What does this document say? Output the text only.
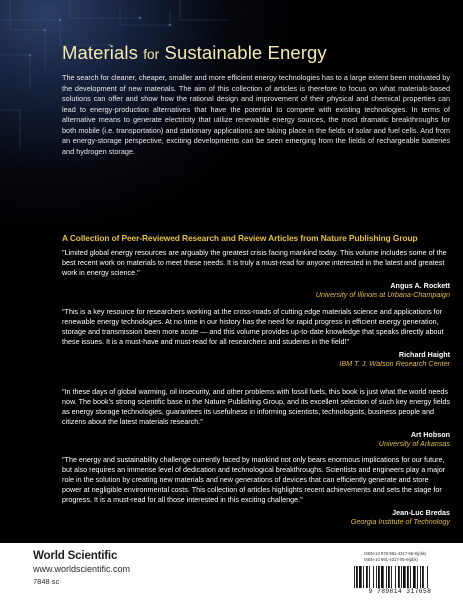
Materials for Sustainable Energy

The search for cleaner, cheaper, smaller and more efficient energy technologies has to a large extent been motivated by the development of new materials. The aim of this collection of articles is therefore to focus on what materials-based solutions can offer and show how the rational design and improvement of their physical and chemical properties can lead to energy-production alternatives that have the potential to compete with existing technologies. In terms of alternative means to generate electricity that utilize renewable energy sources, the most dramatic breakthroughs for both mobile (i.e. transportation) and stationary applications are taking place in the fields of solar and fuel cells. And from an energy-storage perspective, exciting developments can be seen emerging from the fields of rechargeable batteries and hydrogen storage.

A Collection of Peer-Reviewed Research and Review Articles from Nature Publishing Group

"Limited global energy resources are arguably the greatest crisis facing mankind today. This volume includes some of the best recent work on materials to meet these needs. It is truly a must-read for anyone interested in the latest and greatest work in energy science."

Angus A. Rockett

University of Illinois at Urbana-Champaign

"This is a key resource for researchers working at the cross-roads of cutting edge materials science and applications for renewable energy technologies. At no time in our history has the need for rapid progress in efficient energy generation, storage and transmission been more acute — and this volume provides up-to-date knowledge that speaks directly about these issues. It is a must-have and must-read for all researchers and students in the field!"

Richard Haight

IBM T. J. Watson Research Center

"In these days of global warming, oil insecurity, and other problems with fossil fuels, this book is just what the world needs now. The book's strong scientific base in the Nature Publishing Group, and its excellent selection of such key energy fields as energy storage technologies, guarantees its usefulness in informing scientists, technologists, business people and citizens about the latest materials research."

Art Hobson

University of Arkansas

"The energy and sustainability challenge currently faced by mankind not only bears enormous implications for our future, but also requires an immense level of dedication and technological breakthroughs. Scientists and engineers play a major role in the solution by creating new materials and new generations of devices that can efficiently generate and store power at negligible environmental costs. This collection of articles highlights recent achievements and sets the stage for progress. It is a must-read for all those interested in this exciting challenge."

Jean-Luc Bredas

Georgia Institute of Technology

World Scientific

www.worldscientific.com

7848 sc

ISBN-13 978-981-4317-65-8(pbk)

ISBN-10 981-4317-65-9(pbk)

9 789814 317658
